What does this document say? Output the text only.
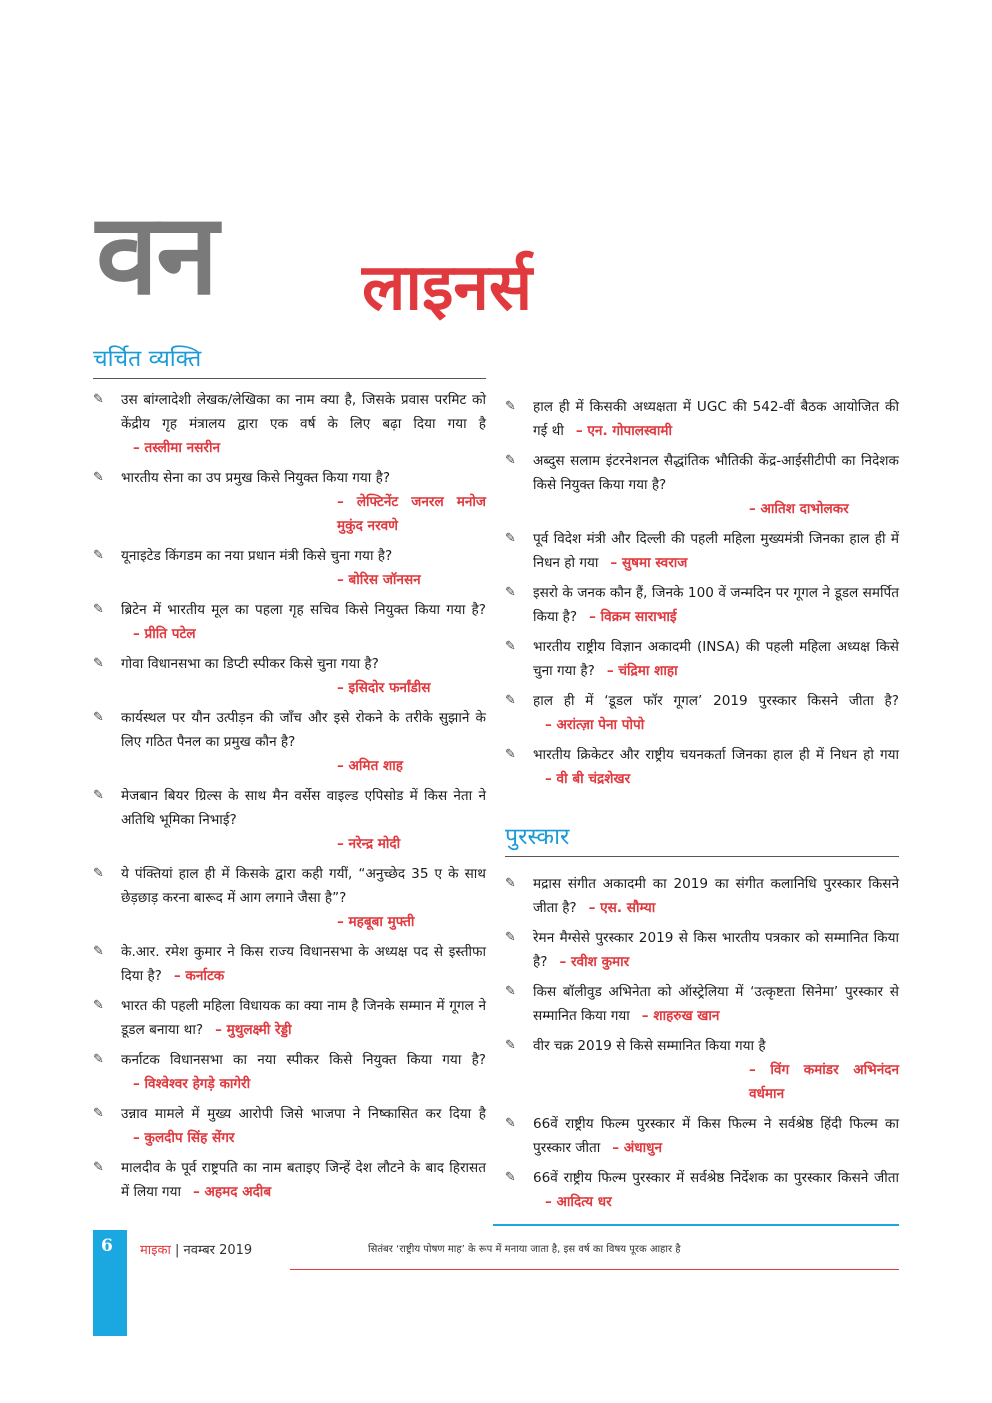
वन लाइनर्स
चर्चित व्यक्ति
पुरस्कार
✎	उस बांग्लादेशी लेखक/लेखिका का नाम क्या है, जिसके प्रवास परमिट को केंद्रीय गृह मंत्रालय द्वारा एक वर्ष के लिए बढ़ा दिया गया है– तस्लीमा नसरीन
✎	भारतीय सेना का उप प्रमुख किसे नियुक्त किया गया है?
– लेफ्टिनेंट जनरल मनोज मुकुंद नरवणे
✎	यूनाइटेड किंगडम का नया प्रधान मंत्री किसे चुना गया है?
– बोरिस जॉनसन
✎	ब्रिटेन में भारतीय मूल का पहला गृह सचिव किसे नियुक्त किया गया है?– प्रीति पटेल
✎	गोवा विधानसभा का डिप्टी स्पीकर किसे चुना गया है?
– इसिदोर फर्नांडीस
✎	कार्यस्थल पर यौन उत्पीड़न की जाँच और इसे रोकने के तरीके सुझाने के लिए गठित पैनल का प्रमुख कौन है?
– अमित शाह
✎	मेजबान बियर ग्रिल्स के साथ मैन वर्सेस वाइल्ड एपिसोड में किस नेता ने अतिथि भूमिका निभाई?
– नरेन्द्र मोदी
✎	ये पंक्तियां हाल ही में किसके द्वारा कही गयीं, “अनुच्छेद 35 ए के साथ छेड़छाड़ करना बारूद में आग लगाने जैसा है”?
– महबूबा मुफ्ती
✎	के.आर. रमेश कुमार ने किस राज्य विधानसभा के अध्यक्ष पद से इस्तीफा दिया है? – कर्नाटक
✎	भारत की पहली महिला विधायक का क्या नाम है जिनके सम्मान में गूगल ने डूडल बनाया था? – मुथुलक्ष्मी रेड्डी
✎	कर्नाटक विधानसभा का नया स्पीकर किसे नियुक्त किया गया है?– विश्वेश्वर हेगड़े कागेरी
✎	उन्नाव मामले में मुख्य आरोपी जिसे भाजपा ने निष्कासित कर दिया है– कुलदीप सिंह सेंगर
✎	मालदीव के पूर्व राष्ट्रपति का नाम बताइए जिन्हें देश लौटने के बाद हिरासत में लिया गया – अहमद अदीब
✎	हाल ही में किसकी अध्यक्षता में UGC की 542-वीं बैठक आयोजित की गई थी – एन. गोपालस्वामी
✎	अब्दुस सलाम इंटरनेशनल सैद्धांतिक भौतिकी केंद्र-आईसीटीपी का निदेशक किसे नियुक्त किया गया है?
– आतिश दाभोलकर
✎	पूर्व विदेश मंत्री और दिल्ली की पहली महिला मुख्यमंत्री जिनका हाल ही में निधन हो गया – सुषमा स्वराज
✎	इसरो के जनक कौन हैं, जिनके 100 वें जन्मदिन पर गूगल ने डूडल समर्पित किया है? – विक्रम साराभाई
✎	भारतीय राष्ट्रीय विज्ञान अकादमी (INSA) की पहली महिला अध्यक्ष किसे चुना गया है? – चंद्रिमा शाहा
✎	हाल ही में ‘डूडल फॉर गूगल’ 2019 पुरस्कार किसने जीता है?– अरांत्ज़ा पेना पोपो
✎	भारतीय क्रिकेटर और राष्ट्रीय चयनकर्ता जिनका हाल ही में निधन हो गया– वी बी चंद्रशेखर
✎	मद्रास संगीत अकादमी का 2019 का संगीत कलानिधि पुरस्कार किसने जीता है? – एस. सौम्या
✎	रेमन मैग्सेसे पुरस्कार 2019 से किस भारतीय पत्रकार को सम्मानित किया है? – रवीश कुमार
✎	किस बॉलीवुड अभिनेता को ऑस्ट्रेलिया में ‘उत्कृष्टता सिनेमा’ पुरस्कार से सम्मानित किया गया – शाहरुख खान
✎	वीर चक्र 2019 से किसे सम्मानित किया गया है
– विंग कमांडर अभिनंदन वर्धमान
✎	66वें राष्ट्रीय फिल्म पुरस्कार में किस फिल्म ने सर्वश्रेष्ठ हिंदी फिल्म का पुरस्कार जीता – अंधाधुन
✎	66वें राष्ट्रीय फिल्म पुरस्कार में सर्वश्रेष्ठ निर्देशक का पुरस्कार किसने जीता– आदित्य धर
6 माइका | नवम्बर 2019	सितंबर ‘राष्ट्रीय पोषण माह’ के रूप में मनाया जाता है, इस वर्ष का विषय पूरक आहार है
